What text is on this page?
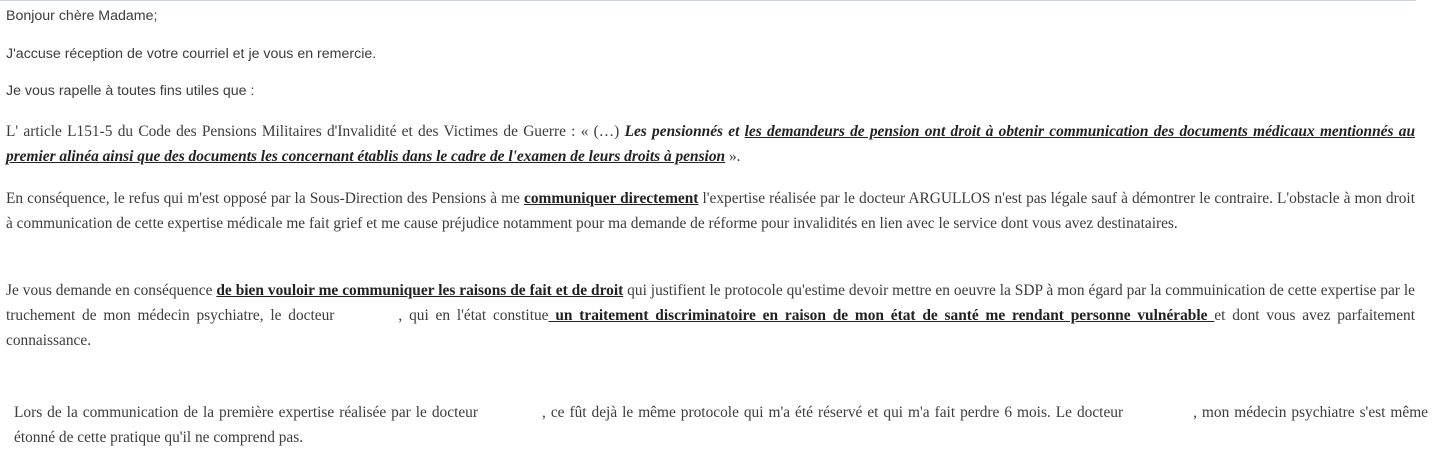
Bonjour chère Madame;

J'accuse réception de votre courriel et je vous en remercie.

Je vous rapelle à toutes fins utiles que :

L' article L151-5 du Code des Pensions Militaires d'Invalidité et des Victimes de Guerre : « (…) Les pensionnés et les demandeurs de pension ont droit à obtenir communication des documents médicaux mentionnés au premier alinéa ainsi que des documents les concernant établis dans le cadre de l'examen de leurs droits à pension ».

En conséquence, le refus qui m'est opposé par la Sous-Direction des Pensions à me communiquer directement l'expertise réalisée par le docteur ARGULLOS n'est pas légale sauf à démontrer le contraire. L'obstacle à mon droit à communication de cette expertise médicale me fait grief et me cause préjudice notamment pour ma demande de réforme pour invalidités en lien avec le service dont vous avez destinataires.

Je vous demande en conséquence de bien vouloir me communiquer les raisons de fait et de droit qui justifient le protocole qu'estime devoir mettre en oeuvre la SDP à mon égard par la commuinication de cette expertise par le truchement de mon médecin psychiatre, le docteur	, qui en l'état constitue un traitement discriminatoire en raison de mon état de santé me rendant personne vulnérable et dont vous avez parfaitement connaissance.

Lors de la communication de la première expertise réalisée par le docteur	, ce fût dejà le même protocole qui m'a été réservé et qui m'a fait perdre 6 mois. Le docteur	, mon médecin psychiatre s'est même étonné de cette pratique qu'il ne comprend pas.
